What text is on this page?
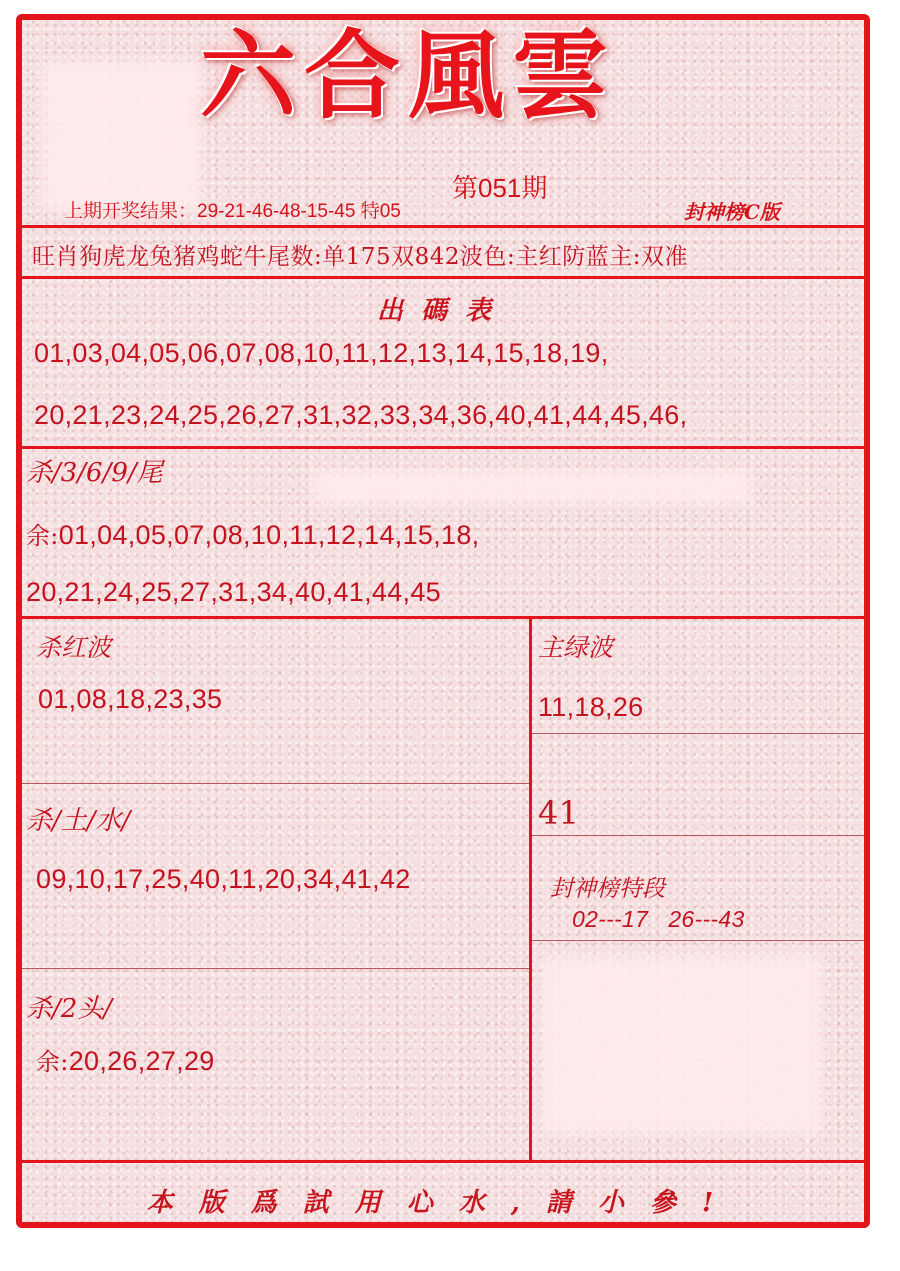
六合風雲
第051期
上期开奖结果：29-21-46-48-15-45 特05	封神榜C版
旺肖狗虎龙兔猪鸡蛇牛尾数:单175双842波色:主红防蓝主:双准
出碼表
01,03,04,05,06,07,08,10,11,12,13,14,15,18,19,
20,21,23,24,25,26,27,31,32,33,34,36,40,41,44,45,46,
杀/3/6/9/尾
余:01,04,05,07,08,10,11,12,14,15,18,
20,21,24,25,27,31,34,40,41,44,45
杀红波
01,08,18,23,35
杀/土/水/
09,10,17,25,40,11,20,34,41,42
杀/2头/
余:20,26,27,29
主绿波
11,18,26
41
封神榜特段
02---17   26---43
本版爲試用心水,請小參!
